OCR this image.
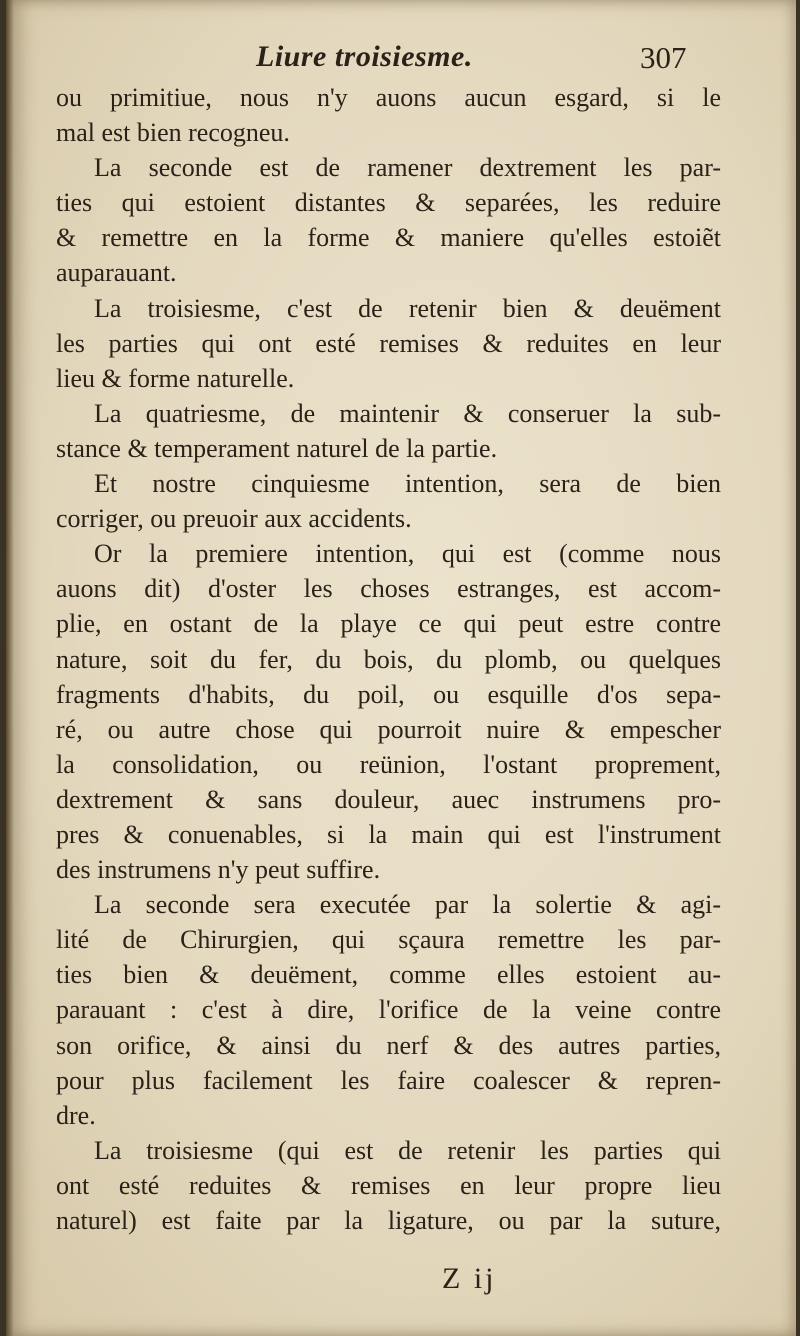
Liure troisiesme.	307
ou primitiue, nous n'y auons aucun esgard, si le
mal est bien recogneu.
La seconde est de ramener dextrement les par-
ties qui estoient distantes & separées, les reduire
& remettre en la forme & maniere qu'elles estoiẽt
auparauant.
La troisiesme, c'est de retenir bien & deuëment
les parties qui ont esté remises & reduites en leur
lieu & forme naturelle.
La quatriesme, de maintenir & conseruer la sub-
stance & temperament naturel de la partie.
Et nostre cinquiesme intention, sera de bien
corriger, ou preuoir aux accidents.
Or la premiere intention, qui est (comme nous
auons dit) d'oster les choses estranges, est accom-
plie, en ostant de la playe ce qui peut estre contre
nature, soit du fer, du bois, du plomb, ou quelques
fragments d'habits, du poil, ou esquille d'os sepa-
ré, ou autre chose qui pourroit nuire & empescher
la consolidation, ou reünion, l'ostant proprement,
dextrement & sans douleur, auec instrumens pro-
pres & conuenables, si la main qui est l'instrument
des instrumens n'y peut suffire.
La seconde sera executée par la solertie & agi-
lité de Chirurgien, qui sçaura remettre les par-
ties bien & deuëment, comme elles estoient au-
parauant : c'est à dire, l'orifice de la veine contre
son orifice, & ainsi du nerf & des autres parties,
pour plus facilement les faire coalescer & repren-
dre.
La troisiesme (qui est de retenir les parties qui
ont esté reduites & remises en leur propre lieu
naturel) est faite par la ligature, ou par la suture,
Z ij
